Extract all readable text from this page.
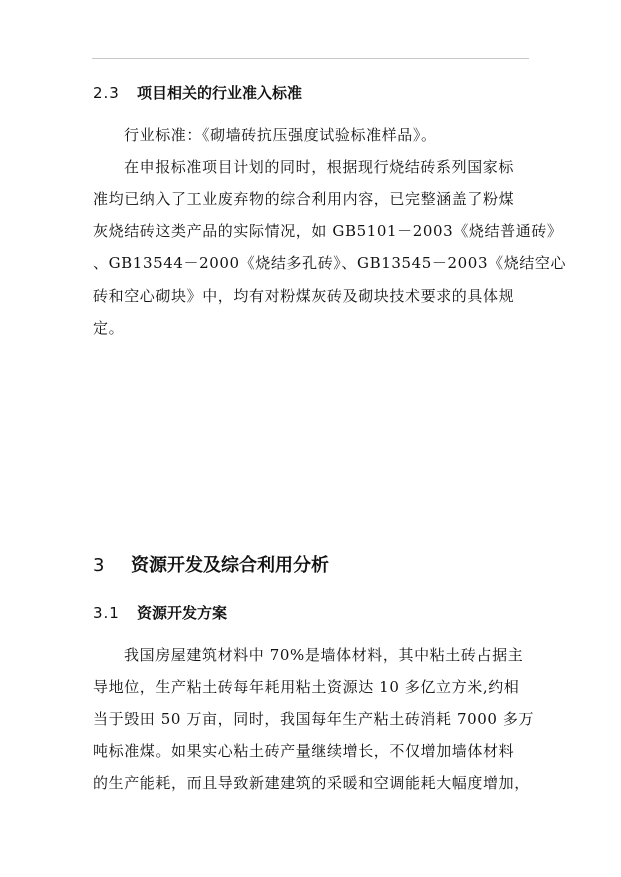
2.3 项目相关的行业准入标准
行业标准：《砌墙砖抗压强度试验标准样品》。
在申报标准项目计划的同时，根据现行烧结砖系列国家标
准均已纳入了工业废弃物的综合利用内容，已完整涵盖了粉煤
灰烧结砖这类产品的实际情况，如 GB5101－2003《烧结普通砖》
、GB13544－2000《烧结多孔砖》、GB13545－2003《烧结空心
砖和空心砌块》中，均有对粉煤灰砖及砌块技术要求的具体规
定。
3 资源开发及综合利用分析
3.1 资源开发方案
我国房屋建筑材料中 70%是墙体材料，其中粘土砖占据主
导地位，生产粘土砖每年耗用粘土资源达 10 多亿立方米,约相
当于毁田 50 万亩，同时，我国每年生产粘土砖消耗 7000 多万
吨标准煤。如果实心粘土砖产量继续增长，不仅增加墙体材料
的生产能耗，而且导致新建建筑的采暖和空调能耗大幅度增加，
